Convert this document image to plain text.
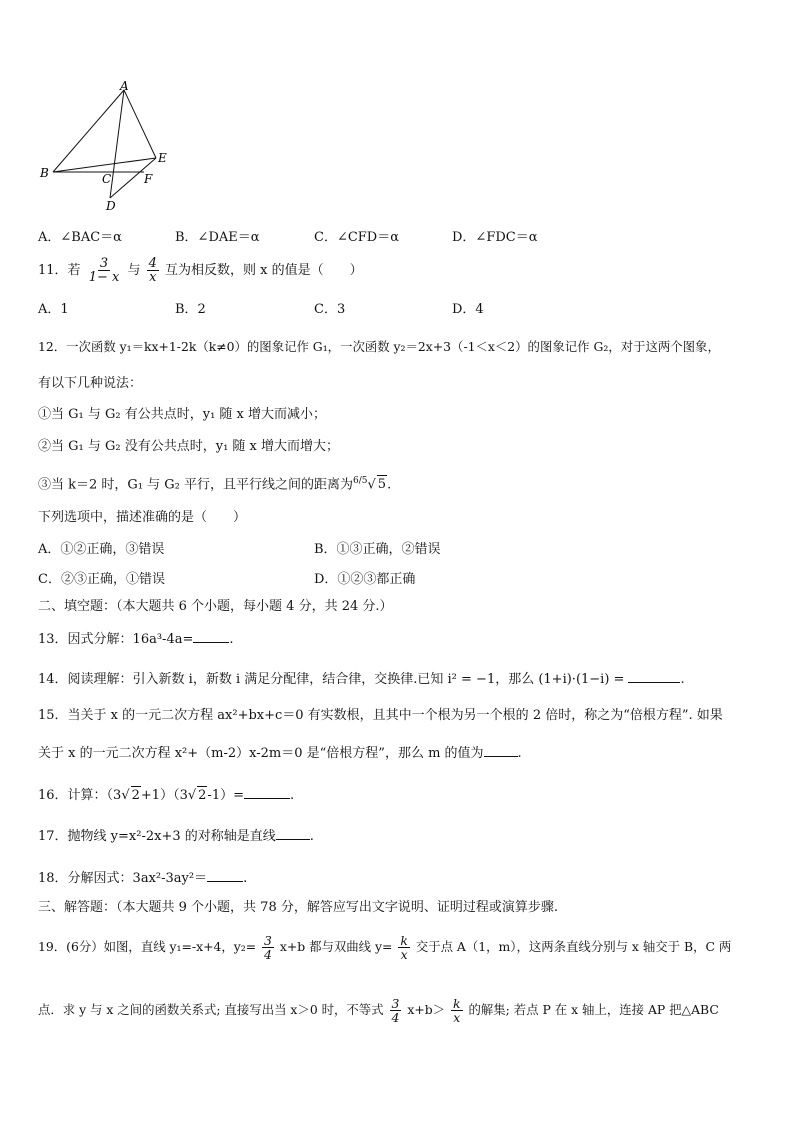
A
B	C
D
E
F
A．∠BAC＝α	B．∠DAE＝α	C．∠CFD＝α	D．∠FDC＝α
11．若 $\frac{3}{1- x}$ 与 $\frac{4}{x}$ 互为相反数，则 x 的值是（　　）
A．1	B．2	C．3	D．4
12．一次函数 y₁＝kx+1-2k（k≠0）的图象记作 G₁，一次函数 y₂＝2x+3（-1＜x＜2）的图象记作 G₂，对于这两个图象，
有以下几种说法：
①当 G₁ 与 G₂ 有公共点时，y₁ 随 x 增大而减小；
②当 G₁ 与 G₂ 没有公共点时，y₁ 随 x 增大而增大；
③当 k＝2 时，G₁ 与 G₂ 平行，且平行线之间的距离为$^{6/5}$√ 5.
下列选项中，描述准确的是（　　）
A．①②正确，③错误	B．①③正确，②错误
C．②③正确，①错误	D．①②③都正确
二、填空题：（本大题共 6 个小题，每小题 4 分，共 24 分.）
13．因式分解：16a³-4a=	.
14．阅读理解：引入新数 i，新数 i 满足分配律，结合律，交换律.已知 i² = −1，那么 (1+i)·(1−i) =	.
15．当关于 x 的一元二次方程 ax²+bx+c＝0 有实数根，且其中一个根为另一个根的 2 倍时，称之为“倍根方程”. 如果
关于 x 的一元二次方程 x²+（m-2）x-2m＝0 是“倍根方程”，那么 m 的值为	.
16．计算：（3√ 2+1）（3√ 2-1）=	.
17．抛物线 y=x²-2x+3 的对称轴是直线	.
18．分解因式：3ax²-3ay²＝	.
三、解答题：（本大题共 9 个小题，共 78 分，解答应写出文字说明、证明过程或演算步骤.
19．(6分）如图，直线 y₁=-x+4，$y_2= \frac{3}{4} x+b$ 都与双曲线 $y= \frac{k}{x}$ 交于点 A（1，m），这两条直线分别与 x 轴交于 B，C 两
点．求 y 与 x 之间的函数关系式; 直接写出当 x＞0 时，不等式 $\frac{3}{4} x+b> \frac{k}{x}$ 的解集; 若点 P 在 x 轴上，连接 AP 把△ABC
